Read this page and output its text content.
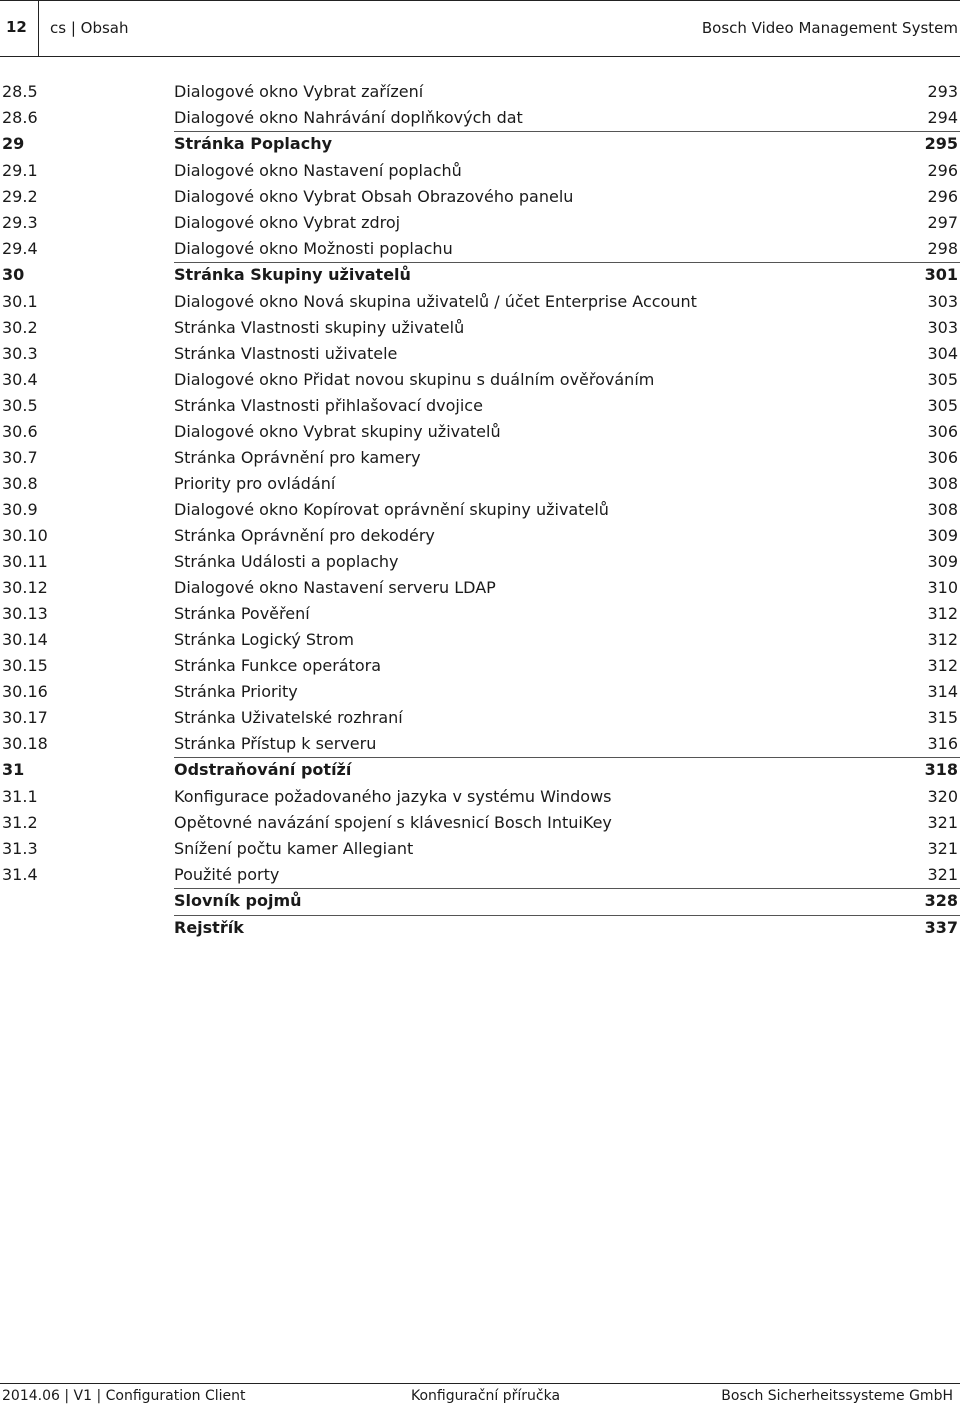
12 cs | Obsah	Bosch Video Management System
28.5	Dialogové okno Vybrat zařízení	293
28.6	Dialogové okno Nahrávání doplňkových dat	294
29	Stránka Poplachy	295
29.1	Dialogové okno Nastavení poplachů	296
29.2	Dialogové okno Vybrat Obsah Obrazového panelu	296
29.3	Dialogové okno Vybrat zdroj	297
29.4	Dialogové okno Možnosti poplachu	298
30	Stránka Skupiny uživatelů	301
30.1	Dialogové okno Nová skupina uživatelů / účet Enterprise Account	303
30.2	Stránka Vlastnosti skupiny uživatelů	303
30.3	Stránka Vlastnosti uživatele	304
30.4	Dialogové okno Přidat novou skupinu s duálním ověřováním	305
30.5	Stránka Vlastnosti přihlašovací dvojice	305
30.6	Dialogové okno Vybrat skupiny uživatelů	306
30.7	Stránka Oprávnění pro kamery	306
30.8	Priority pro ovládání	308
30.9	Dialogové okno Kopírovat oprávnění skupiny uživatelů	308
30.10	Stránka Oprávnění pro dekodéry	309
30.11	Stránka Události a poplachy	309
30.12	Dialogové okno Nastavení serveru LDAP	310
30.13	Stránka Pověření	312
30.14	Stránka Logický Strom	312
30.15	Stránka Funkce operátora	312
30.16	Stránka Priority	314
30.17	Stránka Uživatelské rozhraní	315
30.18	Stránka Přístup k serveru	316
31	Odstraňování potíží	318
31.1	Konfigurace požadovaného jazyka v systému Windows	320
31.2	Opětovné navázání spojení s klávesnicí Bosch IntuiKey	321
31.3	Snížení počtu kamer Allegiant	321
31.4	Použité porty	321
Slovník pojmů	328
Rejstřík	337
2014.06 | V1 | Configuration Client	Konfigurační příručka	Bosch Sicherheitssysteme GmbH
